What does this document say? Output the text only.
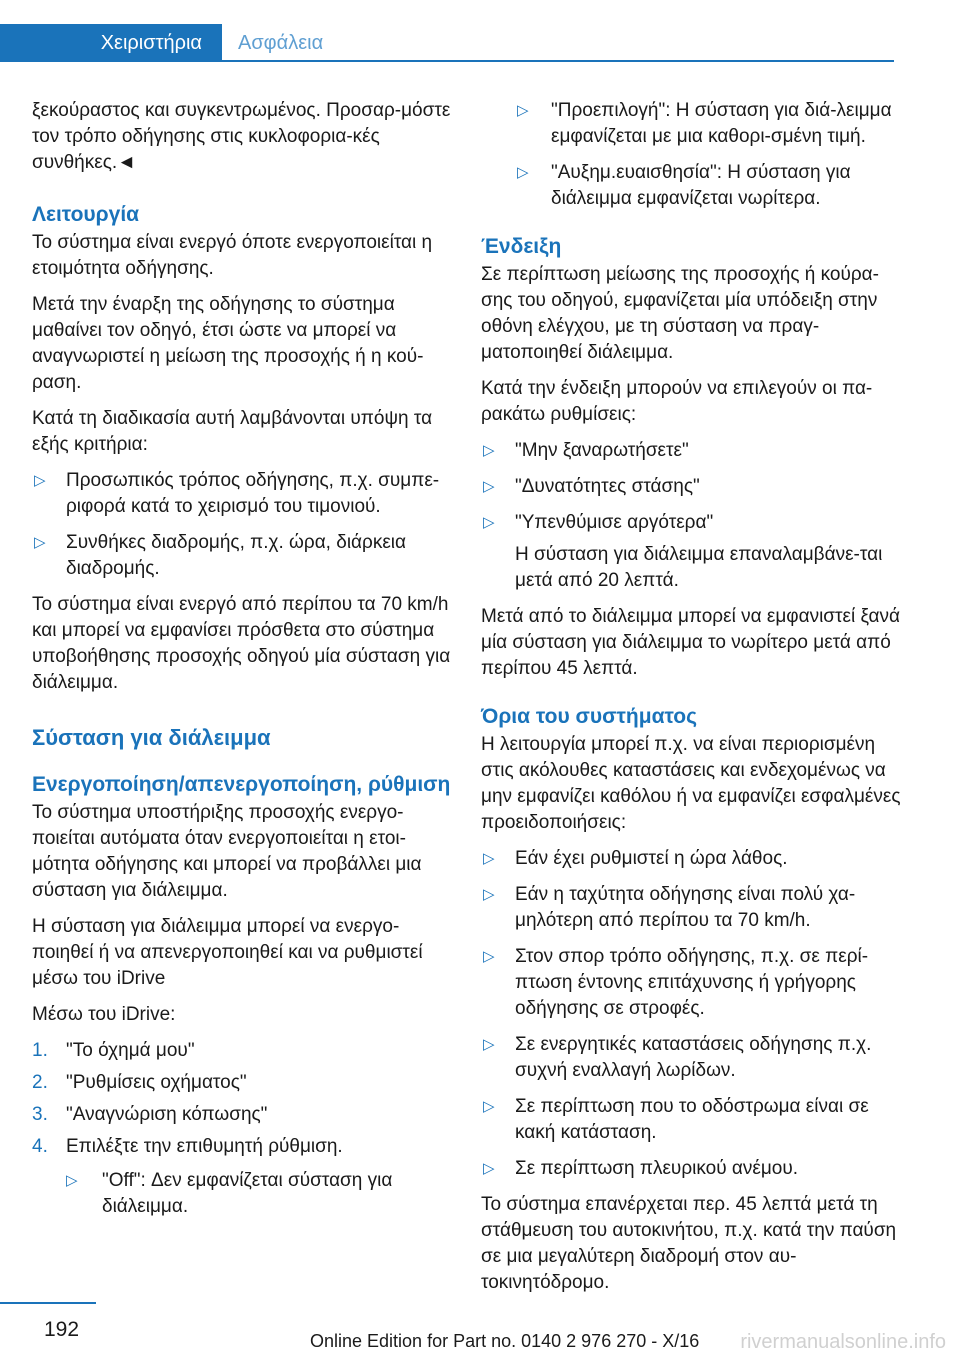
Χειριστήρια	Ασφάλεια

ξεκούραστος και συγκεντρωμένος. Προσαρ-μόστε τον τρόπο οδήγησης στις κυκλοφορια-κές συνθήκες.◄

Λειτουργία

Το σύστημα είναι ενεργό όποτε ενεργοποιείται η ετοιμότητα οδήγησης.

Μετά την έναρξη της οδήγησης το σύστημα μαθαίνει τον οδηγό, έτσι ώστε να μπορεί να αναγνωριστεί η μείωση της προσοχής ή η κού-ραση.

Κατά τη διαδικασία αυτή λαμβάνονται υπόψη τα εξής κριτήρια:

▷ Προσωπικός τρόπος οδήγησης, π.χ. συμπε-ριφορά κατά το χειρισμό του τιμονιού.
▷ Συνθήκες διαδρομής, π.χ. ώρα, διάρκεια διαδρομής.

Το σύστημα είναι ενεργό από περίπου τα 70 km/h και μπορεί να εμφανίσει πρόσθετα στο σύστημα υποβοήθησης προσοχής οδηγού μία σύσταση για διάλειμμα.

Σύσταση για διάλειμμα
Ενεργοποίηση/απενεργοποίηση, ρύθμιση

Το σύστημα υποστήριξης προσοχής ενεργο-ποιείται αυτόματα όταν ενεργοποιείται η ετοι-μότητα οδήγησης και μπορεί να προβάλλει μια σύσταση για διάλειμμα.

Η σύσταση για διάλειμμα μπορεί να ενεργο-ποιηθεί ή να απενεργοποιηθεί και να ρυθμιστεί μέσω του iDrive

Μέσω του iDrive:

1. "Το όχημά μου"
2. "Ρυθμίσεις οχήματος"
3. "Αναγνώριση κόπωσης"
4. Επιλέξτε την επιθυμητή ρύθμιση.
▷ "Off": Δεν εμφανίζεται σύσταση για διάλειμμα.
▷ "Προεπιλογή": Η σύσταση για διά-λειμμα εμφανίζεται με μια καθορι-σμένη τιμή.
▷ "Αυξημ.ευαισθησία": Η σύσταση για διάλειμμα εμφανίζεται νωρίτερα.
Ένδειξη

Σε περίπτωση μείωσης της προσοχής ή κούρα-σης του οδηγού, εμφανίζεται μία υπόδειξη στην οθόνη ελέγχου, με τη σύσταση να πραγ-ματοποιηθεί διάλειμμα.

Κατά την ένδειξη μπορούν να επιλεγούν οι πα-ρακάτω ρυθμίσεις:

▷ "Μην ξαναρωτήσετε"
▷ "Δυνατότητες στάσης"
▷ "Υπενθύμισε αργότερα"
Η σύσταση για διάλειμμα επαναλαμβάνε-ται μετά από 20 λεπτά.

Μετά από το διάλειμμα μπορεί να εμφανιστεί ξανά μία σύσταση για διάλειμμα το νωρίτερο μετά από περίπου 45 λεπτά.

Όρια του συστήματος

Η λειτουργία μπορεί π.χ. να είναι περιορισμένη στις ακόλουθες καταστάσεις και ενδεχομένως να μην εμφανίζει καθόλου ή να εμφανίζει εσφαλμένες προειδοποιήσεις:

▷ Εάν έχει ρυθμιστεί η ώρα λάθος.
▷ Εάν η ταχύτητα οδήγησης είναι πολύ χα-μηλότερη από περίπου τα 70 km/h.
▷ Στον σπορ τρόπο οδήγησης, π.χ. σε περί-πτωση έντονης επιτάχυνσης ή γρήγορης οδήγησης σε στροφές.
▷ Σε ενεργητικές καταστάσεις οδήγησης π.χ. συχνή εναλλαγή λωρίδων.
▷ Σε περίπτωση που το οδόστρωμα είναι σε κακή κατάσταση.
▷ Σε περίπτωση πλευρικού ανέμου.

Το σύστημα επανέρχεται περ. 45 λεπτά μετά τη στάθμευση του αυτοκινήτου, π.χ. κατά την παύση σε μια μεγαλύτερη διαδρομή στον αυ-τοκινητόδρομο.

192	Online Edition for Part no. 0140 2 976 270 - X/16 rivermanualsonline.info
